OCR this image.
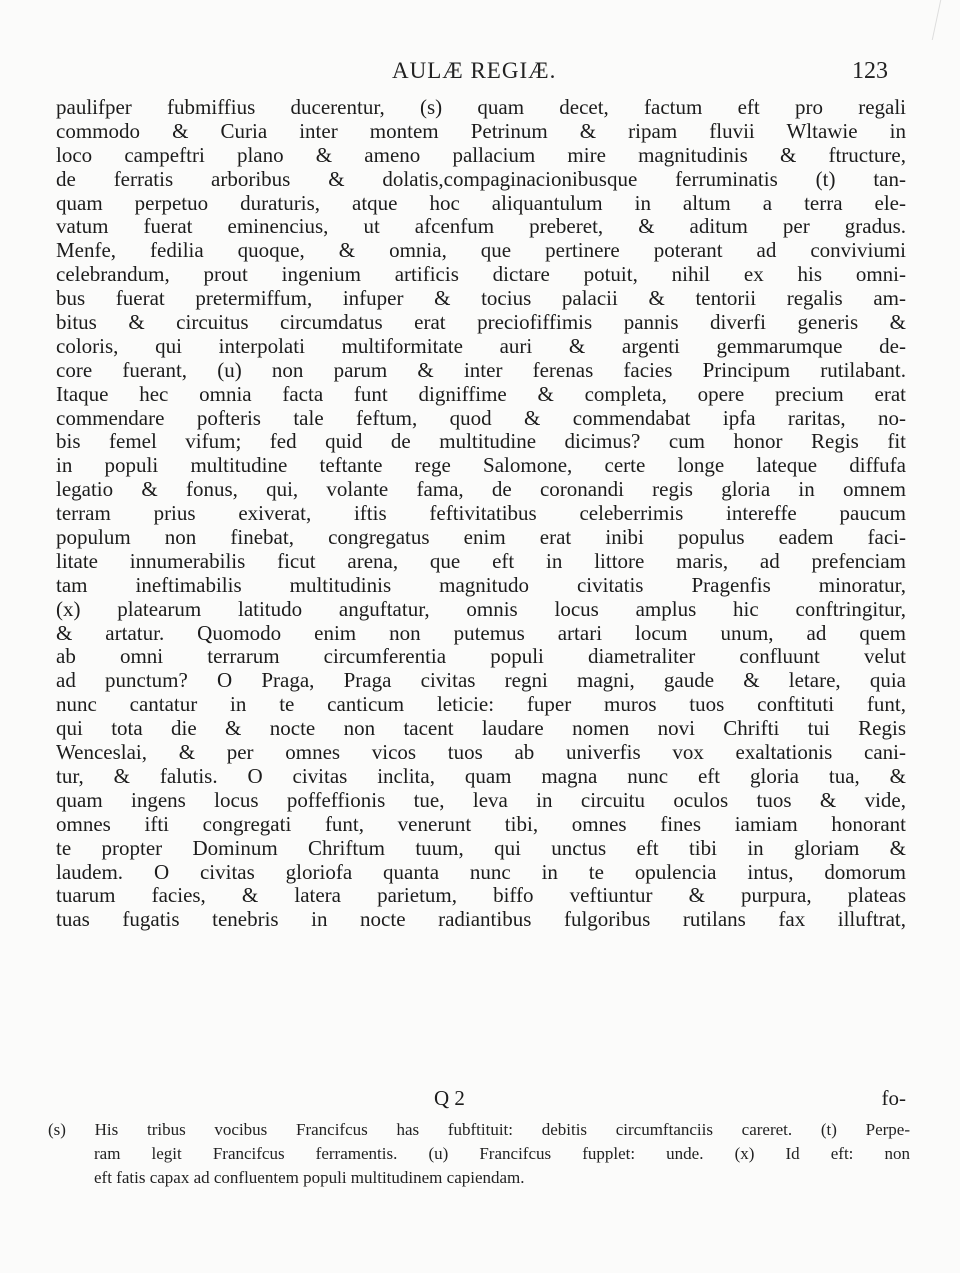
AULÆ REGIÆ.	123
paulifper fubmiffius ducerentur, (s) quam decet, factum eft pro regali
commodo & Curia inter montem Petrinum & ripam fluvii Wltawie in
loco campeftri plano & ameno pallacium mire magnitudinis & ftructure,
de ferratis arboribus & dolatis,compaginacionibusque ferruminatis (t) tan-
quam perpetuo duraturis, atque hoc aliquantulum in altum a terra ele-
vatum fuerat eminencius, ut afcenfum preberet, & aditum per gradus.
Menfe, fedilia quoque, & omnia, que pertinere poterant ad conviviumi
celebrandum, prout ingenium artificis dictare potuit, nihil ex his omni-
bus fuerat pretermiffum, infuper & tocius palacii & tentorii regalis am-
bitus & circuitus circumdatus erat preciofiffimis pannis diverfi generis &
coloris, qui interpolati multiformitate auri & argenti gemmarumque de-
core fuerant, (u) non parum & inter ferenas facies Principum rutilabant.
Itaque hec omnia facta funt digniffime & completa, opere precium erat
commendare pofteris tale feftum, quod & commendabat ipfa raritas, no-
bis femel vifum; fed quid de multitudine dicimus? cum honor Regis fit
in populi multitudine teftante rege Salomone, certe longe lateque diffufa
legatio & fonus, qui, volante fama, de coronandi regis gloria in omnem
terram prius exiverat, iftis feftivitatibus celeberrimis intereffe paucum
populum non finebat, congregatus enim erat inibi populus eadem faci-
litate innumerabilis ficut arena, que eft in littore maris, ad prefenciam
tam ineftimabilis multitudinis magnitudo civitatis Pragenfis minoratur,
(x) platearum latitudo anguftatur, omnis locus amplus hic conftringitur,
& artatur. Quomodo enim non putemus artari locum unum, ad quem
ab omni terrarum circumferentia populi diametraliter confluunt velut
ad punctum? O Praga, Praga civitas regni magni, gaude & letare, quia
nunc cantatur in te canticum leticie: fuper muros tuos conftituti funt,
qui tota die & nocte non tacent laudare nomen novi Chrifti tui Regis
Wenceslai, & per omnes vicos tuos ab univerfis vox exaltationis cani-
tur, & falutis. O civitas inclita, quam magna nunc eft gloria tua, &
quam ingens locus poffeffionis tue, leva in circuitu oculos tuos & vide,
omnes ifti congregati funt, venerunt tibi, omnes fines iamiam honorant
te propter Dominum Chriftum tuum, qui unctus eft tibi in gloriam &
laudem. O civitas gloriofa quanta nunc in te opulencia intus, domorum
tuarum facies, & latera parietum, biffo veftiuntur & purpura, plateas
tuas fugatis tenebris in nocte radiantibus fulgoribus rutilans fax illuftrat,
Q 2	fo-
(s) His tribus vocibus Francifcus has fubftituit: debitis circumftanciis careret. (t) Perpe-
ram legit Francifcus ferramentis. (u) Francifcus fupplet: unde. (x) Id eft: non
eft fatis capax ad confluentem populi multitudinem capiendam.
